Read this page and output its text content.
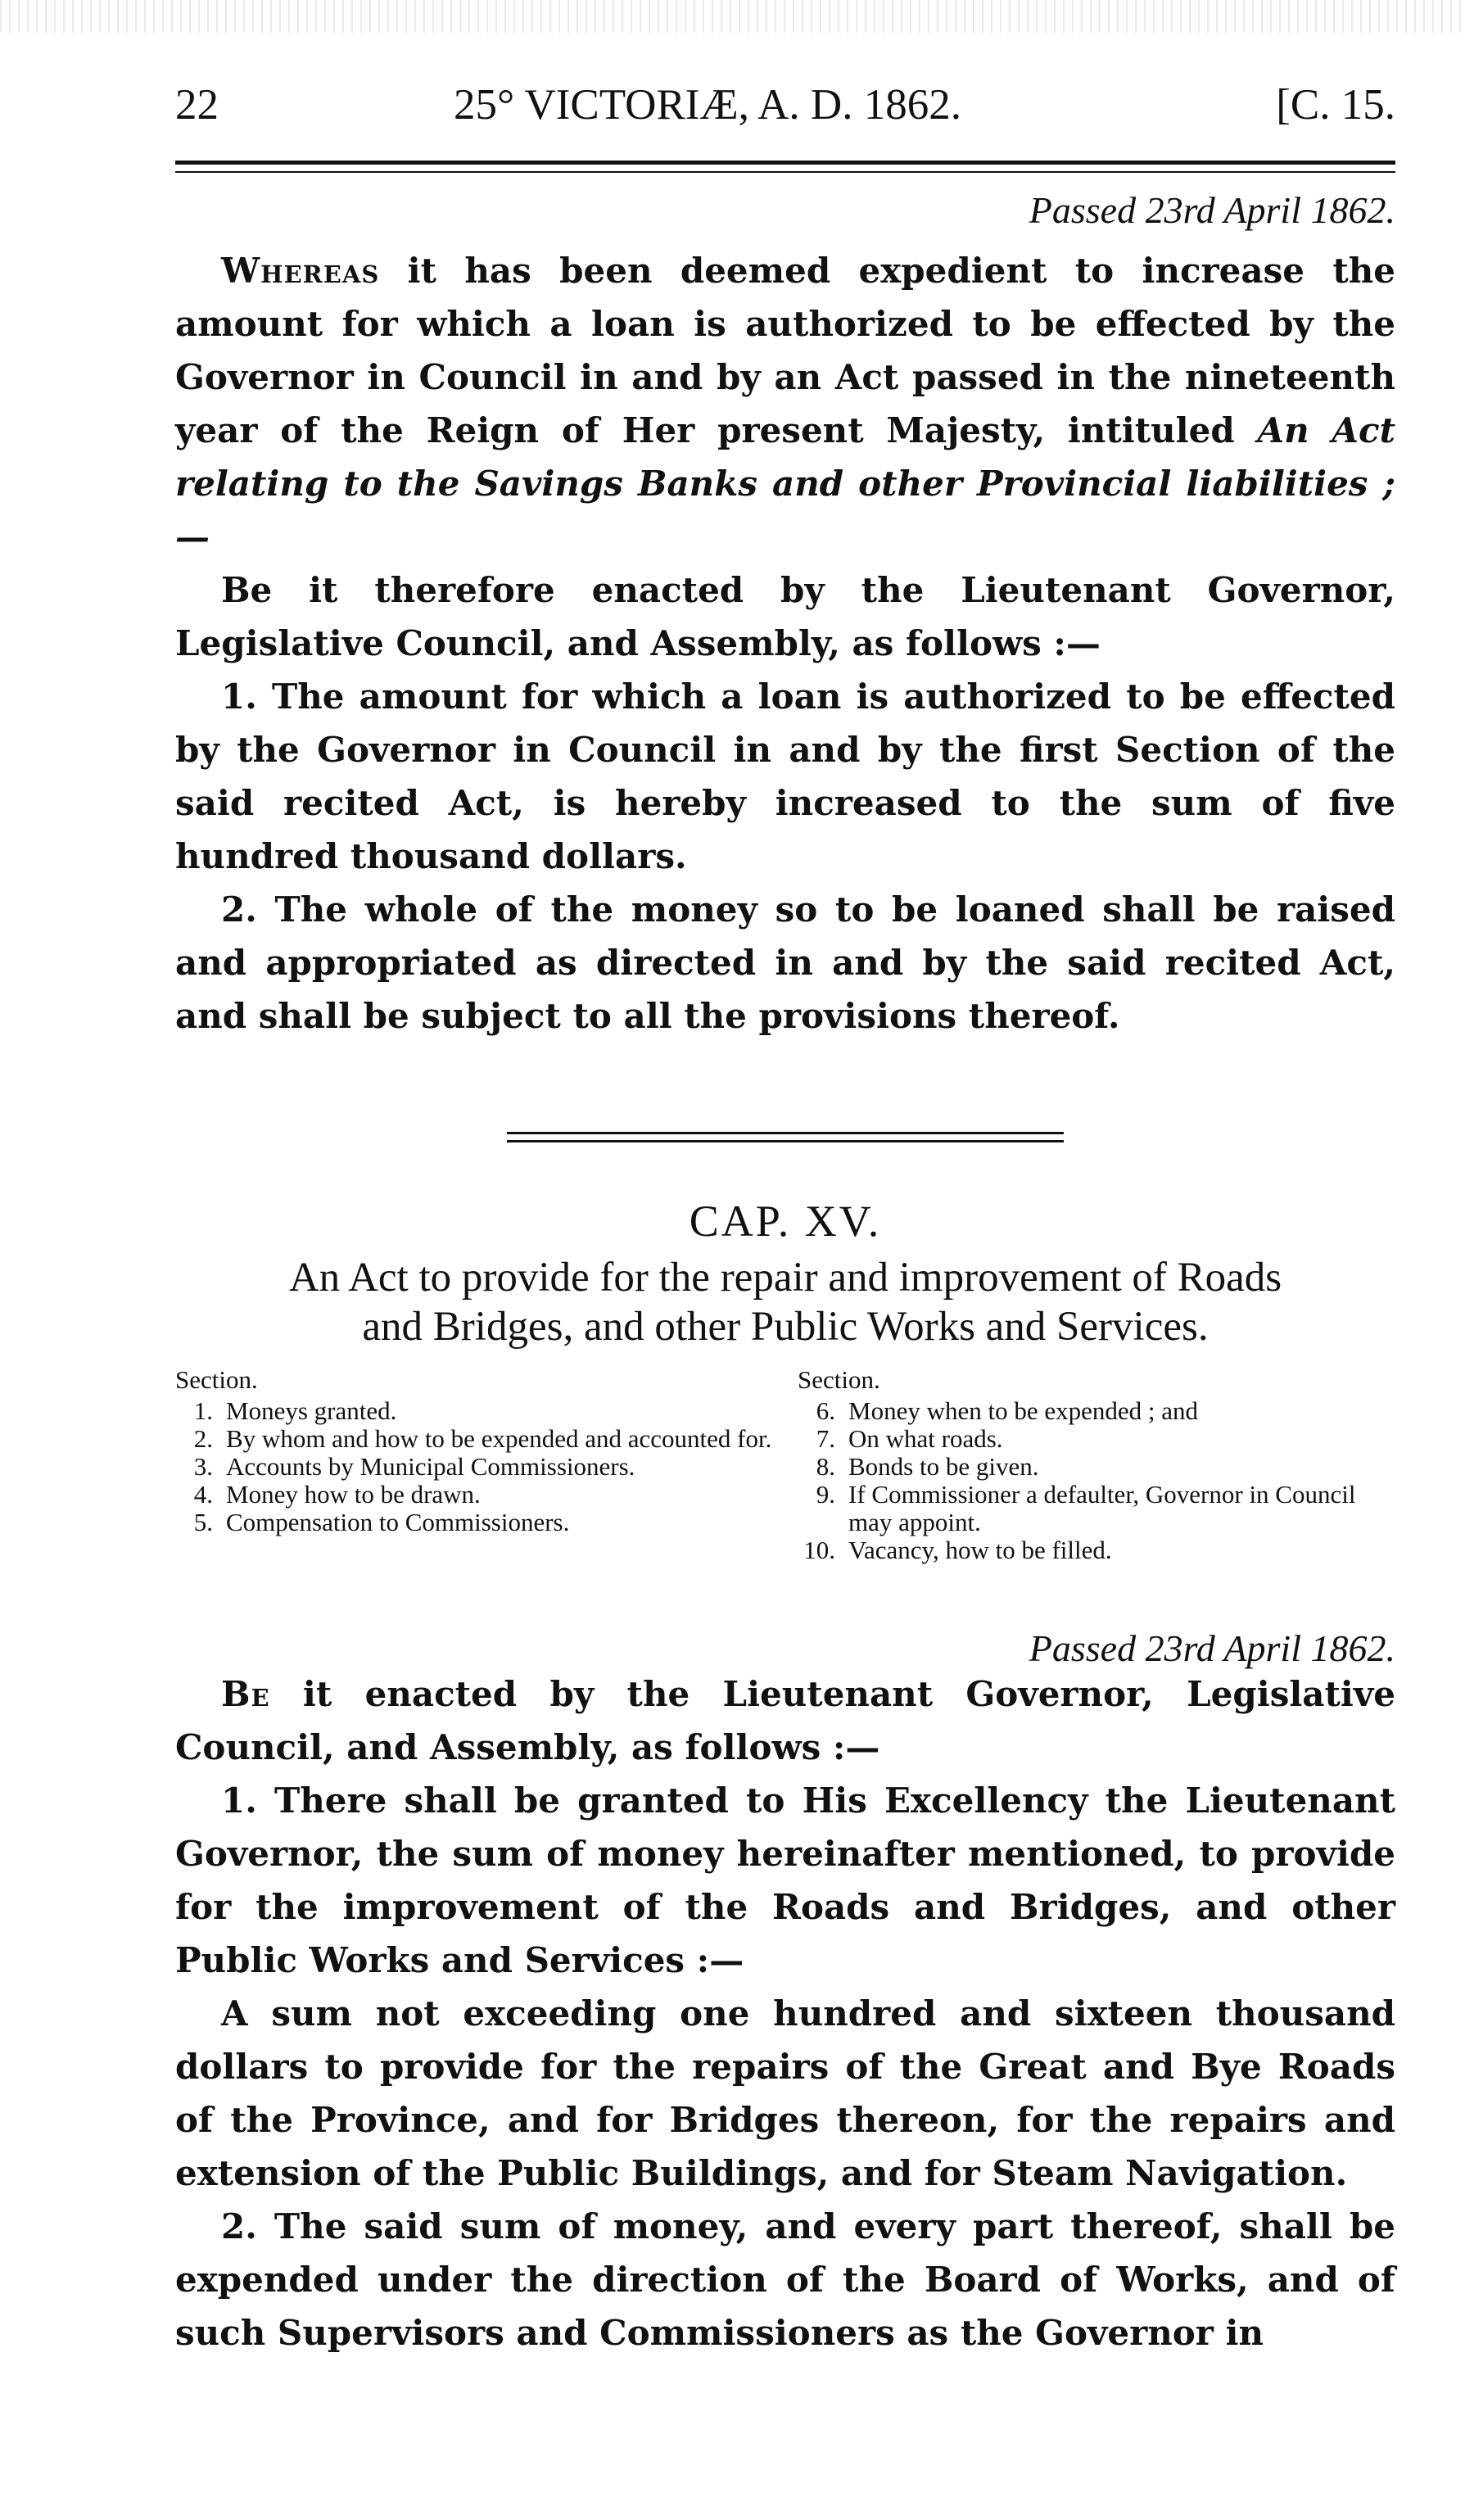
22	25° VICTORIÆ, A. D. 1862.	[C. 15.
Passed 23rd April 1862.

Whereas it has been deemed expedient to increase the amount for which a loan is authorized to be effected by the Governor in Council in and by an Act passed in the nineteenth year of the Reign of Her present Majesty, intituled An Act relating to the Savings Banks and other Provincial liabilities ;—

Be it therefore enacted by the Lieutenant Governor, Legislative Council, and Assembly, as follows :—

1. The amount for which a loan is authorized to be effected by the Governor in Council in and by the first Section of the said recited Act, is hereby increased to the sum of five hundred thousand dollars.

2. The whole of the money so to be loaned shall be raised and appropriated as directed in and by the said recited Act, and shall be subject to all the provisions thereof.

CAP. XV.
An Act to provide for the repair and improvement of Roads
and Bridges, and other Public Works and Services.
Section.
1. Moneys granted.
2. By whom and how to be expended and accounted for.
3. Accounts by Municipal Commissioners.
4. Money how to be drawn.
5. Compensation to Commissioners.
Section.
6. Money when to be expended ; and
7. On what roads.
8. Bonds to be given.
9. If Commissioner a defaulter, Governor in Council may appoint.
10. Vacancy, how to be filled.
Passed 23rd April 1862.

Be it enacted by the Lieutenant Governor, Legislative Council, and Assembly, as follows :—

1. There shall be granted to His Excellency the Lieutenant Governor, the sum of money hereinafter mentioned, to provide for the improvement of the Roads and Bridges, and other Public Works and Services :—

A sum not exceeding one hundred and sixteen thousand dollars to provide for the repairs of the Great and Bye Roads of the Province, and for Bridges thereon, for the repairs and extension of the Public Buildings, and for Steam Navigation.

2. The said sum of money, and every part thereof, shall be expended under the direction of the Board of Works, and of such Supervisors and Commissioners as the Governor in
